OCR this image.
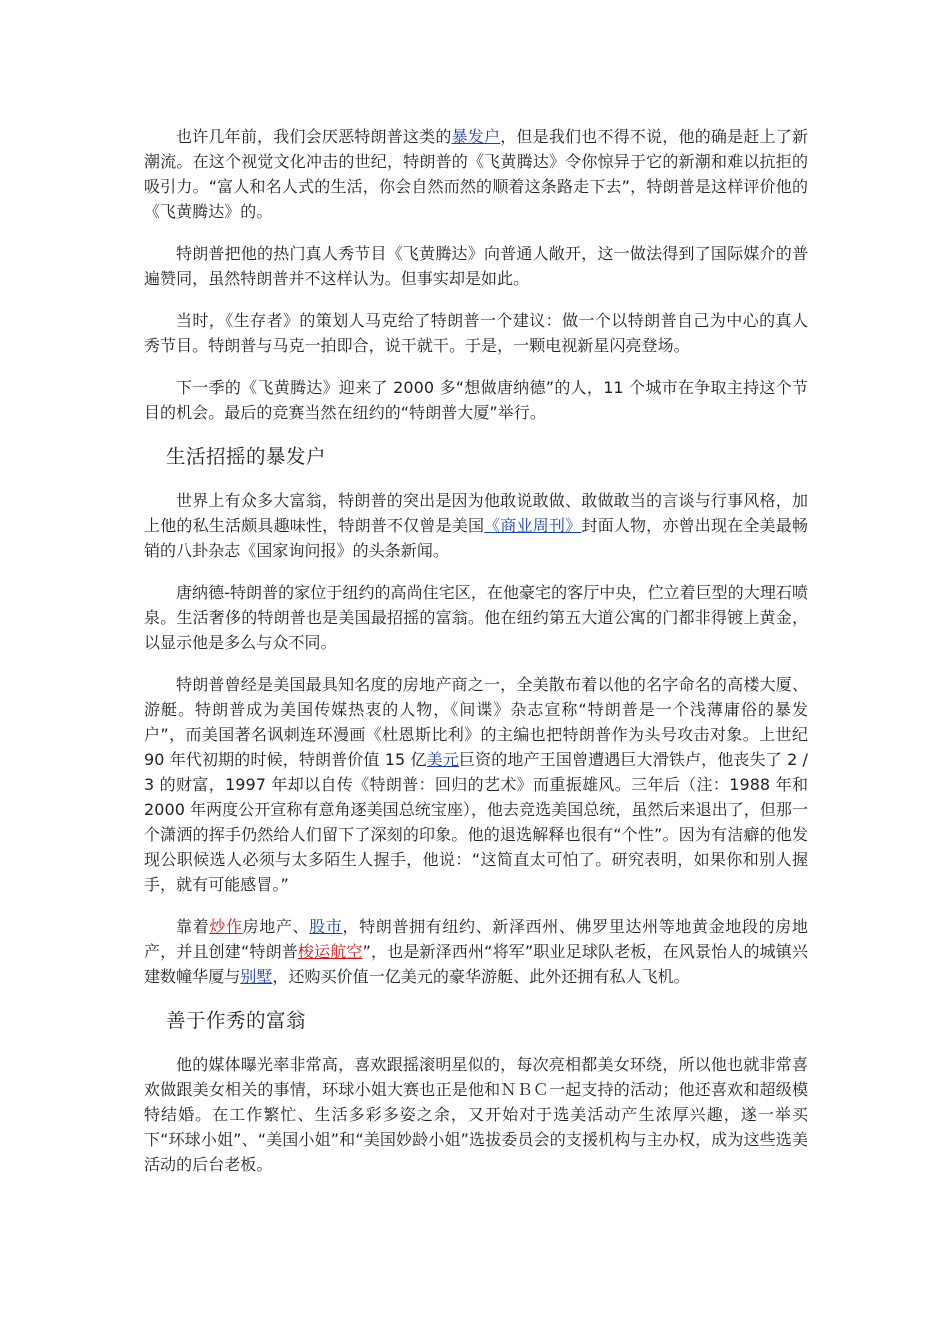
也许几年前，我们会厌恶特朗普这类的暴发户，但是我们也不得不说，他的确是赶上了新潮流。在这个视觉文化冲击的世纪，特朗普的《飞黄腾达》令你惊异于它的新潮和难以抗拒的吸引力。“富人和名人式的生活，你会自然而然的顺着这条路走下去”，特朗普是这样评价他的《飞黄腾达》的。

特朗普把他的热门真人秀节目《飞黄腾达》向普通人敞开，这一做法得到了国际媒介的普遍赞同，虽然特朗普并不这样认为。但事实却是如此。

当时，《生存者》的策划人马克给了特朗普一个建议：做一个以特朗普自己为中心的真人秀节目。特朗普与马克一拍即合，说干就干。于是，一颗电视新星闪亮登场。

下一季的《飞黄腾达》迎来了 2000 多“想做唐纳德”的人，11 个城市在争取主持这个节目的机会。最后的竞赛当然在纽约的“特朗普大厦”举行。

生活招摇的暴发户

世界上有众多大富翁，特朗普的突出是因为他敢说敢做、敢做敢当的言谈与行事风格，加上他的私生活颇具趣味性，特朗普不仅曾是美国《商业周刊》封面人物，亦曾出现在全美最畅销的八卦杂志《国家询问报》的头条新闻。

唐纳德-特朗普的家位于纽约的高尚住宅区，在他豪宅的客厅中央，伫立着巨型的大理石喷泉。生活奢侈的特朗普也是美国最招摇的富翁。他在纽约第五大道公寓的门都非得镀上黄金，以显示他是多么与众不同。

特朗普曾经是美国最具知名度的房地产商之一，全美散布着以他的名字命名的高楼大厦、游艇。特朗普成为美国传媒热衷的人物，《间谍》杂志宣称“特朗普是一个浅薄庸俗的暴发户”，而美国著名讽刺连环漫画《杜恩斯比利》的主编也把特朗普作为头号攻击对象。上世纪 90 年代初期的时候，特朗普价值 15 亿美元巨资的地产王国曾遭遇巨大滑铁卢，他丧失了 2 / 3 的财富，1997 年却以自传《特朗普：回归的艺术》而重振雄风。三年后（注：1988 年和 2000 年两度公开宣称有意角逐美国总统宝座），他去竞选美国总统，虽然后来退出了，但那一个潇洒的挥手仍然给人们留下了深刻的印象。他的退选解释也很有“个性”。因为有洁癖的他发现公职候选人必须与太多陌生人握手，他说：“这简直太可怕了。研究表明，如果你和别人握手，就有可能感冒。”

靠着炒作房地产、股市，特朗普拥有纽约、新泽西州、佛罗里达州等地黄金地段的房地产，并且创建“特朗普梭运航空”，也是新泽西州“将军”职业足球队老板，在风景怡人的城镇兴建数幢华厦与别墅，还购买价值一亿美元的豪华游艇、此外还拥有私人飞机。

善于作秀的富翁

他的媒体曝光率非常高，喜欢跟摇滚明星似的，每次亮相都美女环绕，所以他也就非常喜欢做跟美女相关的事情，环球小姐大赛也正是他和ＮＢＣ一起支持的活动；他还喜欢和超级模特结婚。在工作繁忙、生活多彩多姿之余，又开始对于选美活动产生浓厚兴趣，遂一举买下“环球小姐”、“美国小姐”和“美国妙龄小姐”选拔委员会的支援机构与主办权，成为这些选美活动的后台老板。
